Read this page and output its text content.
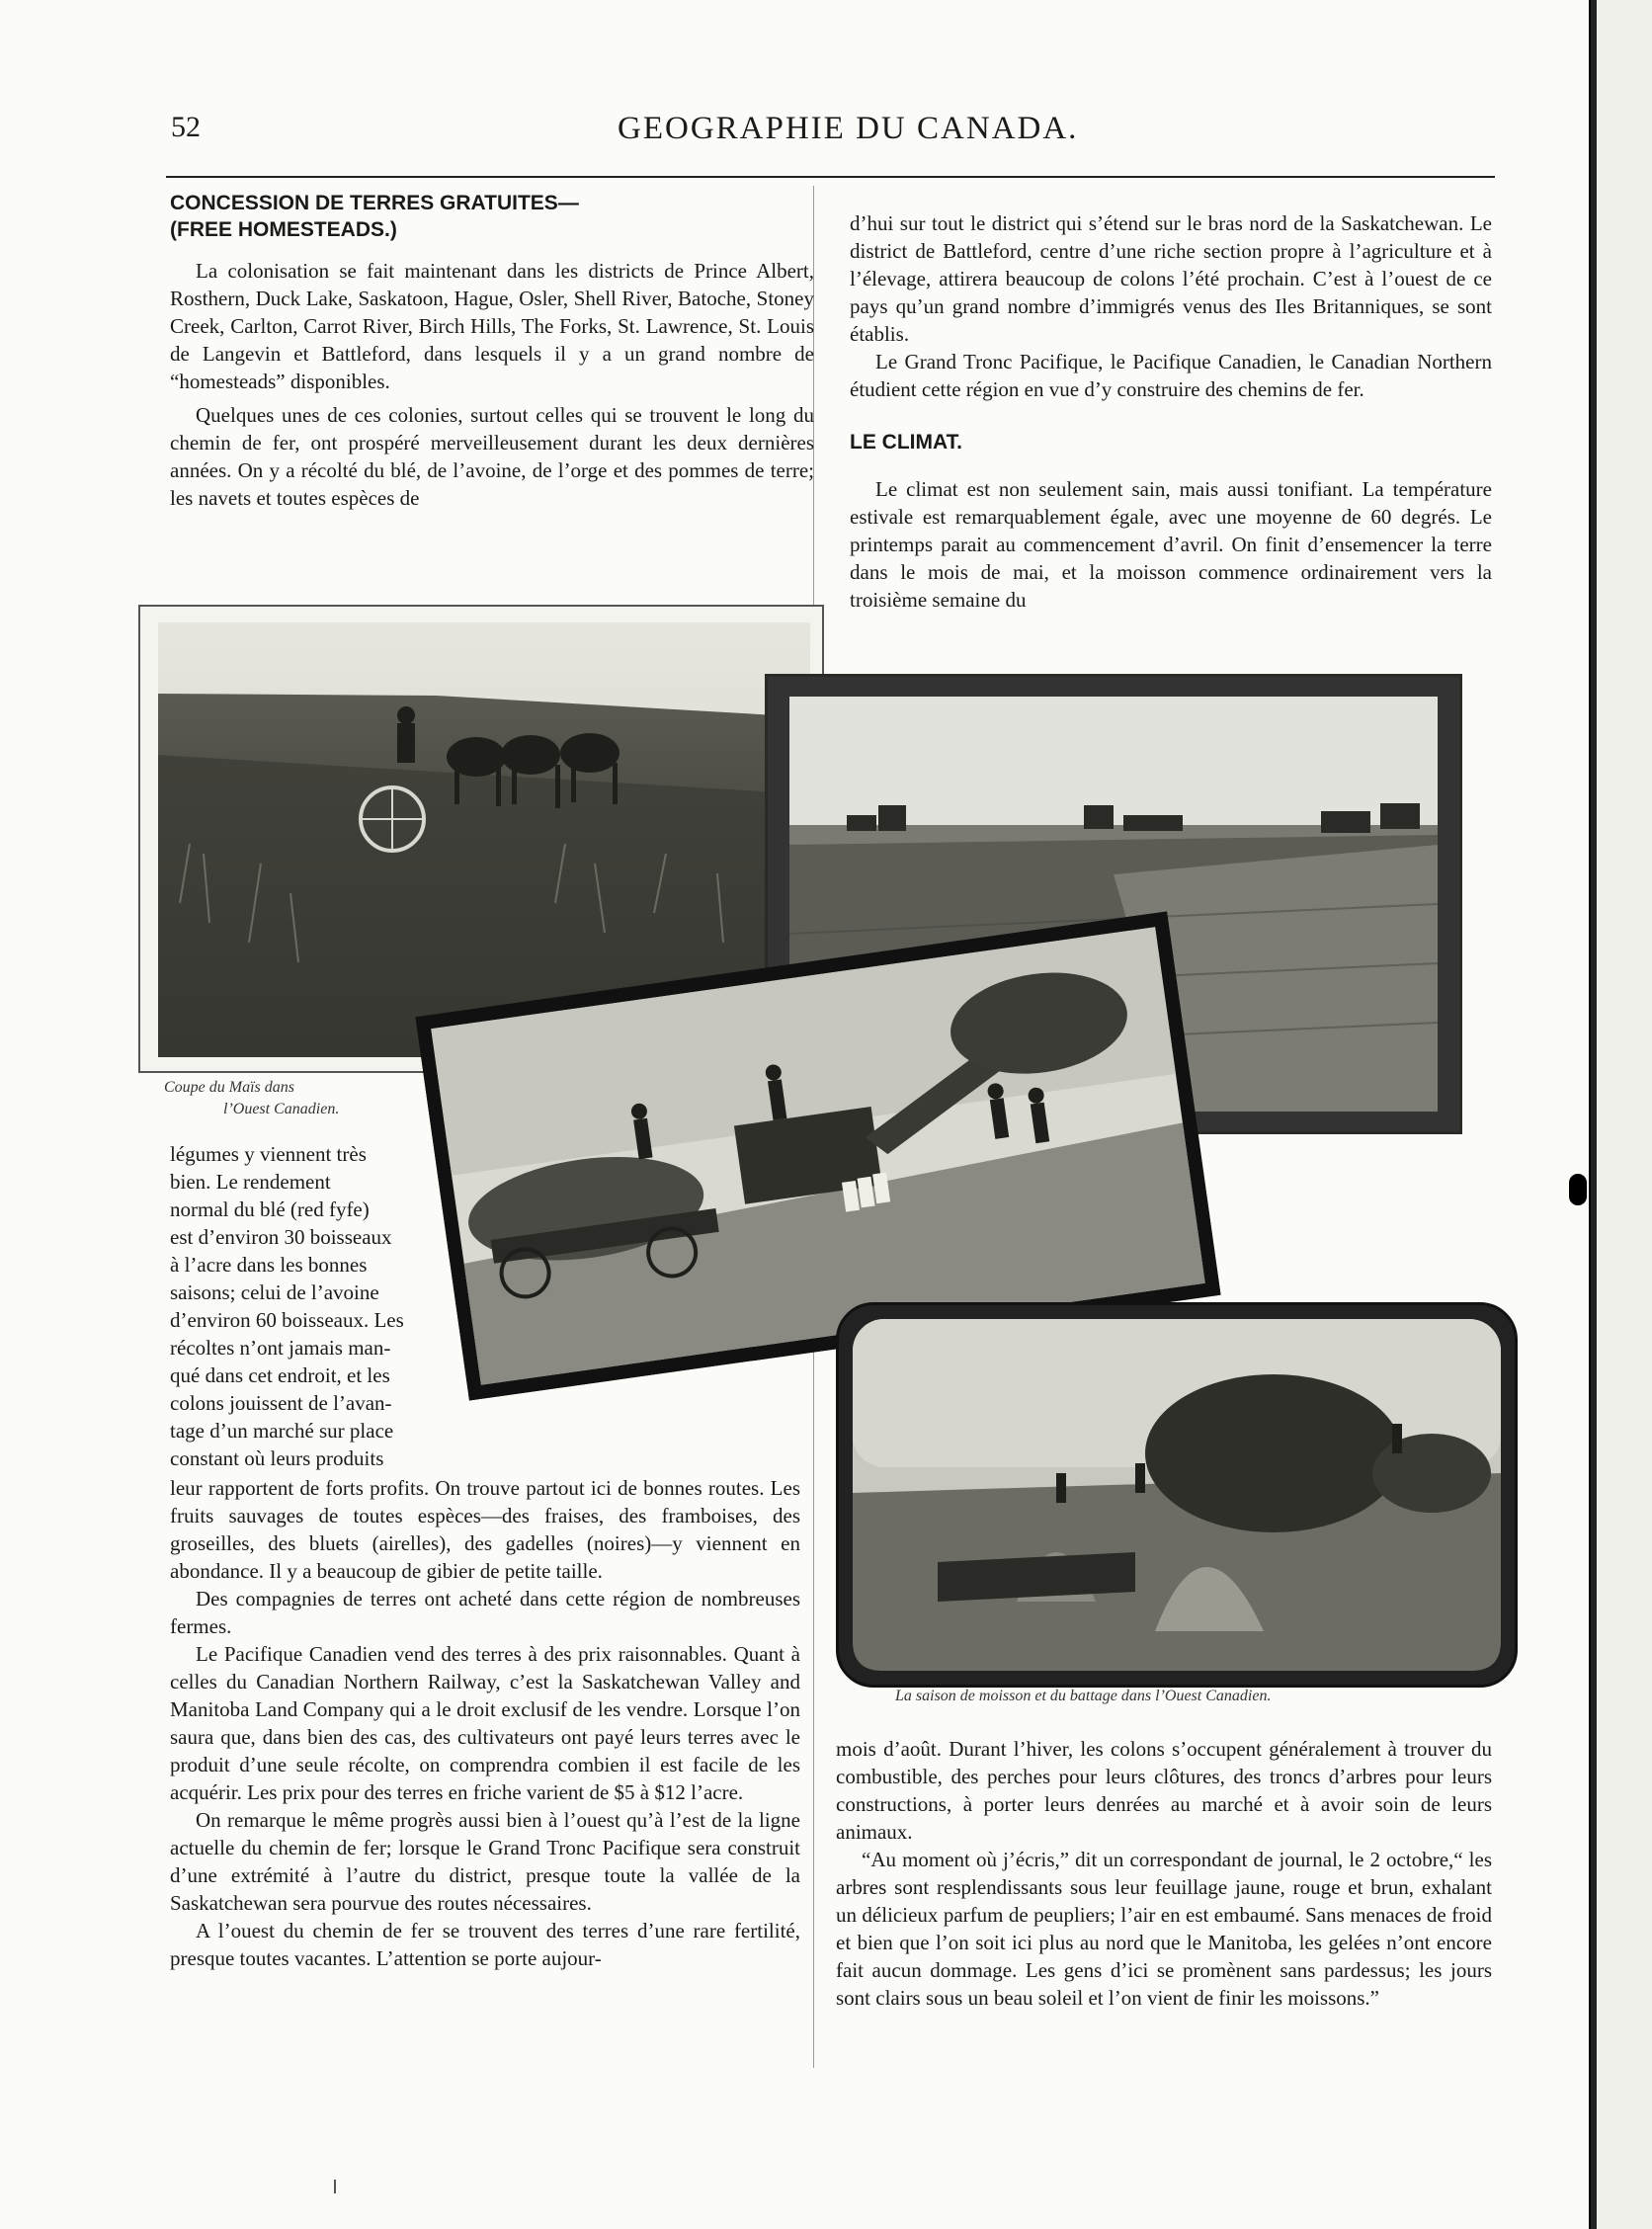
52	GEOGRAPHIE DU CANADA.
CONCESSION DE TERRES GRATUITES—
(FREE HOMESTEADS.)

La colonisation se fait maintenant dans les districts de Prince Albert, Rosthern, Duck Lake, Saskatoon, Hague, Osler, Shell River, Batoche, Stoney Creek, Carlton, Carrot River, Birch Hills, The Forks, St. Lawrence, St. Louis de Langevin et Battleford, dans lesquels il y a un grand nombre de “homesteads” disponibles.

Quelques unes de ces colonies, surtout celles qui se trouvent le long du chemin de fer, ont prospéré merveilleusement durant les deux dernières années. On y a récolté du blé, de l’avoine, de l’orge et des pommes de terre; les navets et toutes espèces de

d’hui sur tout le district qui s’étend sur le bras nord de la Saskatchewan. Le district de Battleford, centre d’une riche section propre à l’agriculture et à l’élevage, attirera beaucoup de colons l’été prochain. C’est à l’ouest de ce pays qu’un grand nombre d’immigrés venus des Iles Britanniques, se sont établis.

Le Grand Tronc Pacifique, le Pacifique Canadien, le Canadian Northern étudient cette région en vue d’y construire des chemins de fer.

LE CLIMAT.

Le climat est non seulement sain, mais aussi tonifiant. La température estivale est remarquablement égale, avec une moyenne de 60 degrés. Le printemps parait au commencement d’avril. On finit d’ensemencer la terre dans le mois de mai, et la moisson commence ordinairement vers la troisième semaine du

Coupe du Maïs dans
l’Ouest Canadien.
La saison de moisson et du battage dans l’Ouest Canadien.
légumes y viennent très
bien. Le rendement
normal du blé (red fyfe)
est d’environ 30 boisseaux
à l’acre dans les bonnes
saisons; celui de l’avoine
d’environ 60 boisseaux. Les
récoltes n’ont jamais man-
qué dans cet endroit, et les
colons jouissent de l’avan-
tage d’un marché sur place
constant où leurs produits

leur rapportent de forts profits. On trouve partout ici de bonnes routes. Les fruits sauvages de toutes espèces—des fraises, des framboises, des groseilles, des bluets (airelles), des gadelles (noires)—y viennent en abondance. Il y a beaucoup de gibier de petite taille.

Des compagnies de terres ont acheté dans cette région de nombreuses fermes.

Le Pacifique Canadien vend des terres à des prix raisonnables. Quant à celles du Canadian Northern Railway, c’est la Saskatchewan Valley and Manitoba Land Company qui a le droit exclusif de les vendre. Lorsque l’on saura que, dans bien des cas, des cultivateurs ont payé leurs terres avec le produit d’une seule récolte, on comprendra combien il est facile de les acquérir. Les prix pour des terres en friche varient de $5 à $12 l’acre.

On remarque le même progrès aussi bien à l’ouest qu’à l’est de la ligne actuelle du chemin de fer; lorsque le Grand Tronc Pacifique sera construit d’une extrémité à l’autre du district, presque toute la vallée de la Saskatchewan sera pourvue des routes nécessaires.

A l’ouest du chemin de fer se trouvent des terres d’une rare fertilité, presque toutes vacantes. L’attention se porte aujour-

mois d’août. Durant l’hiver, les colons s’occupent généralement à trouver du combustible, des perches pour leurs clôtures, des troncs d’arbres pour leurs constructions, à porter leurs denrées au marché et à avoir soin de leurs animaux.

“Au moment où j’écris,” dit un correspondant de journal, le 2 octobre,“ les arbres sont resplendissants sous leur feuillage jaune, rouge et brun, exhalant un délicieux parfum de peupliers; l’air en est embaumé. Sans menaces de froid et bien que l’on soit ici plus au nord que le Manitoba, les gelées n’ont encore fait aucun dommage. Les gens d’ici se promènent sans pardessus; les jours sont clairs sous un beau soleil et l’on vient de finir les moissons.”
